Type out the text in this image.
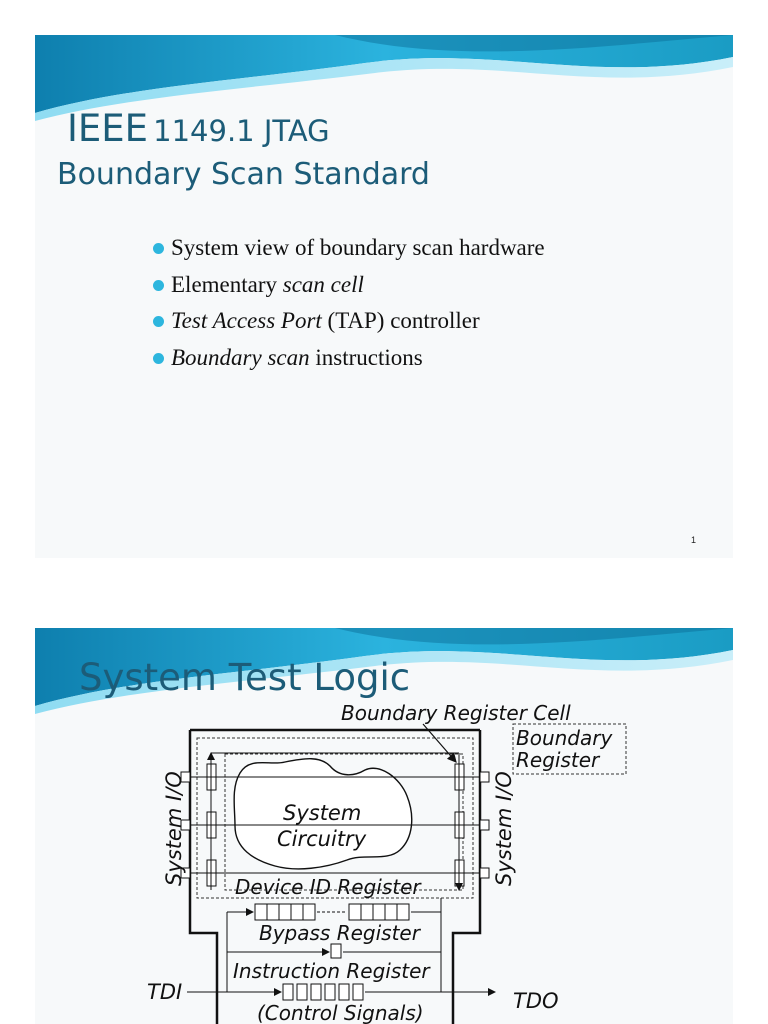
IEEE 1149.1 JTAG
Boundary Scan Standard
System view of boundary scan hardware
Elementary scan cell
Test Access Port (TAP) controller
Boundary scan instructions
1
Boundary Register Cell
Boundary
Register
System I/O	System I/O
System
Circuitry
Device ID Register
Bypass Register
Instruction Register
(Control Signals)
TDI	TDO
System Test Logic
